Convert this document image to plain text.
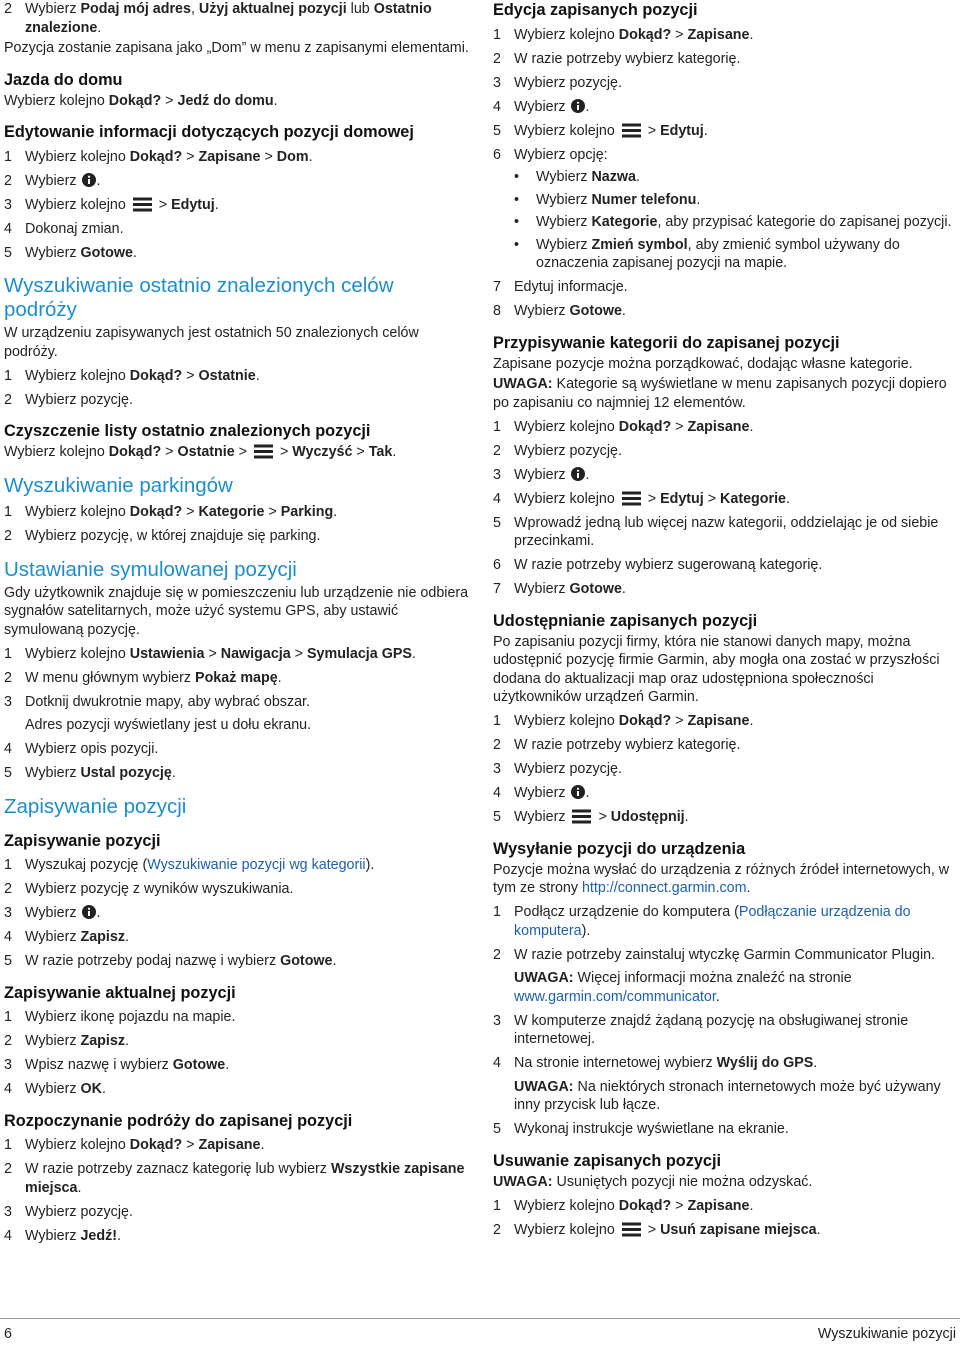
2 Wybierz Podaj mój adres, Użyj aktualnej pozycji lub Ostatnio znalezione.
Pozycja zostanie zapisana jako „Dom” w menu z zapisanymi elementami.
Jazda do domu
Wybierz kolejno Dokąd? > Jedź do domu.
Edytowanie informacji dotyczących pozycji domowej
1 Wybierz kolejno Dokąd? > Zapisane > Dom.
2 Wybierz .
3 Wybierz kolejno  > Edytuj.
4 Dokonaj zmian.
5 Wybierz Gotowe.
Wyszukiwanie ostatnio znalezionych celów podróży
W urządzeniu zapisywanych jest ostatnich 50 znalezionych celów podróży.
1 Wybierz kolejno Dokąd? > Ostatnie.
2 Wybierz pozycję.
Czyszczenie listy ostatnio znalezionych pozycji
Wybierz kolejno Dokąd? > Ostatnie >  > Wyczyść > Tak.
Wyszukiwanie parkingów
1 Wybierz kolejno Dokąd? > Kategorie > Parking.
2 Wybierz pozycję, w której znajduje się parking.
Ustawianie symulowanej pozycji
Gdy użytkownik znajduje się w pomieszczeniu lub urządzenie nie odbiera sygnałów satelitarnych, może użyć systemu GPS, aby ustawić symulowaną pozycję.
1 Wybierz kolejno Ustawienia > Nawigacja > Symulacja GPS.
2 W menu głównym wybierz Pokaż mapę.
3 Dotknij dwukrotnie mapy, aby wybrać obszar.
Adres pozycji wyświetlany jest u dołu ekranu.
4 Wybierz opis pozycji.
5 Wybierz Ustal pozycję.
Zapisywanie pozycji
Zapisywanie pozycji
1 Wyszukaj pozycję (Wyszukiwanie pozycji wg kategorii).
2 Wybierz pozycję z wyników wyszukiwania.
3 Wybierz .
4 Wybierz Zapisz.
5 W razie potrzeby podaj nazwę i wybierz Gotowe.
Zapisywanie aktualnej pozycji
1 Wybierz ikonę pojazdu na mapie.
2 Wybierz Zapisz.
3 Wpisz nazwę i wybierz Gotowe.
4 Wybierz OK.
Rozpoczynanie podróży do zapisanej pozycji
1 Wybierz kolejno Dokąd? > Zapisane.
2 W razie potrzeby zaznacz kategorię lub wybierz Wszystkie zapisane miejsca.
3 Wybierz pozycję.
4 Wybierz Jedź!.
Edycja zapisanych pozycji
1 Wybierz kolejno Dokąd? > Zapisane.
2 W razie potrzeby wybierz kategorię.
3 Wybierz pozycję.
4 Wybierz .
5 Wybierz kolejno  > Edytuj.
6 Wybierz opcję:
•	Wybierz Nazwa.
•	Wybierz Numer telefonu.
•	Wybierz Kategorie, aby przypisać kategorie do zapisanej pozycji.
•	Wybierz Zmień symbol, aby zmienić symbol używany do oznaczenia zapisanej pozycji na mapie.
7 Edytuj informacje.
8 Wybierz Gotowe.
Przypisywanie kategorii do zapisanej pozycji
Zapisane pozycje można porządkować, dodając własne kategorie.
UWAGA: Kategorie są wyświetlane w menu zapisanych pozycji dopiero po zapisaniu co najmniej 12 elementów.
1 Wybierz kolejno Dokąd? > Zapisane.
2 Wybierz pozycję.
3 Wybierz .
4 Wybierz kolejno  > Edytuj > Kategorie.
5 Wprowadź jedną lub więcej nazw kategorii, oddzielając je od siebie przecinkami.
6 W razie potrzeby wybierz sugerowaną kategorię.
7 Wybierz Gotowe.
Udostępnianie zapisanych pozycji
Po zapisaniu pozycji firmy, która nie stanowi danych mapy, można udostępnić pozycję firmie Garmin, aby mogła ona zostać w przyszłości dodana do aktualizacji map oraz udostępniona społeczności użytkowników urządzeń Garmin.
1 Wybierz kolejno Dokąd? > Zapisane.
2 W razie potrzeby wybierz kategorię.
3 Wybierz pozycję.
4 Wybierz .
5 Wybierz  > Udostępnij.
Wysyłanie pozycji do urządzenia
Pozycje można wysłać do urządzenia z różnych źródeł internetowych, w tym ze strony http://connect.garmin.com.
1 Podłącz urządzenie do komputera (Podłączanie urządzenia do komputera).
2 W razie potrzeby zainstaluj wtyczkę Garmin Communicator Plugin.
UWAGA: Więcej informacji można znaleźć na stronie www.garmin.com/communicator.
3 W komputerze znajdź żądaną pozycję na obsługiwanej stronie internetowej.
4 Na stronie internetowej wybierz Wyślij do GPS.
UWAGA: Na niektórych stronach internetowych może być używany inny przycisk lub łącze.
5 Wykonaj instrukcje wyświetlane na ekranie.
Usuwanie zapisanych pozycji
UWAGA: Usuniętych pozycji nie można odzyskać.
1 Wybierz kolejno Dokąd? > Zapisane.
2 Wybierz kolejno  > Usuń zapisane miejsca.
6	Wyszukiwanie pozycji
